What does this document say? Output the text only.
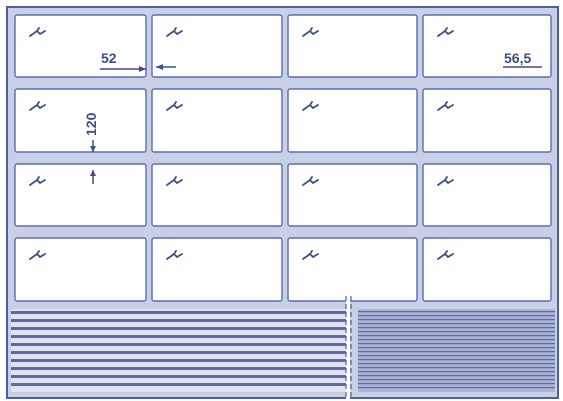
52	56,5
120
